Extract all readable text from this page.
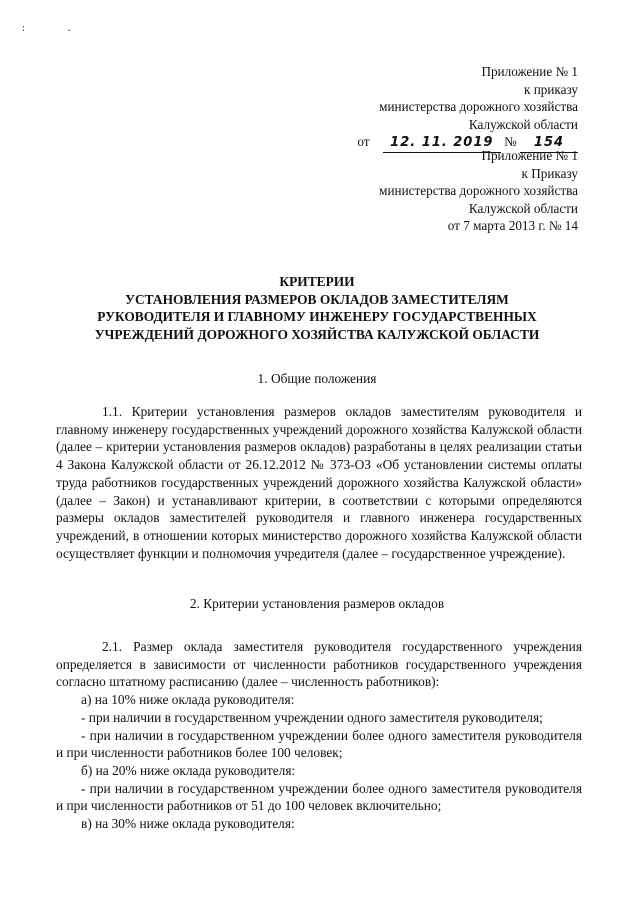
: .
Приложение № 1
к приказу
министерства дорожного хозяйства
Калужской области
от 12. 11. 2019 № 154
Приложение № 1
к Приказу
министерства дорожного хозяйства
Калужской области
от 7 марта 2013 г. № 14
КРИТЕРИИ
УСТАНОВЛЕНИЯ РАЗМЕРОВ ОКЛАДОВ ЗАМЕСТИТЕЛЯМ
РУКОВОДИТЕЛЯ И ГЛАВНОМУ ИНЖЕНЕРУ ГОСУДАРСТВЕННЫХ
УЧРЕЖДЕНИЙ ДОРОЖНОГО ХОЗЯЙСТВА КАЛУЖСКОЙ ОБЛАСТИ
1. Общие положения
1.1. Критерии установления размеров окладов заместителям руководителя и главному инженеру государственных учреждений дорожного хозяйства Калужской области (далее – критерии установления размеров окладов) разработаны в целях реализации статьи 4 Закона Калужской области от 26.12.2012 № 373-ОЗ «Об установлении системы оплаты труда работников государственных учреждений дорожного хозяйства Калужской области» (далее – Закон) и устанавливают критерии, в соответствии с которыми определяются размеры окладов заместителей руководителя и главного инженера государственных учреждений, в отношении которых министерство дорожного хозяйства Калужской области осуществляет функции и полномочия учредителя (далее – государственное учреждение).
2. Критерии установления размеров окладов

2.1. Размер оклада заместителя руководителя государственного учреждения определяется в зависимости от численности работников государственного учреждения согласно штатному расписанию (далее – численность работников):

а) на 10% ниже оклада руководителя:

- при наличии в государственном учреждении одного заместителя руководителя;

- при наличии в государственном учреждении более одного заместителя руководителя и при численности работников более 100 человек;

б) на 20% ниже оклада руководителя:

- при наличии в государственном учреждении более одного заместителя руководителя и при численности работников от 51 до 100 человек включительно;

в) на 30% ниже оклада руководителя:
